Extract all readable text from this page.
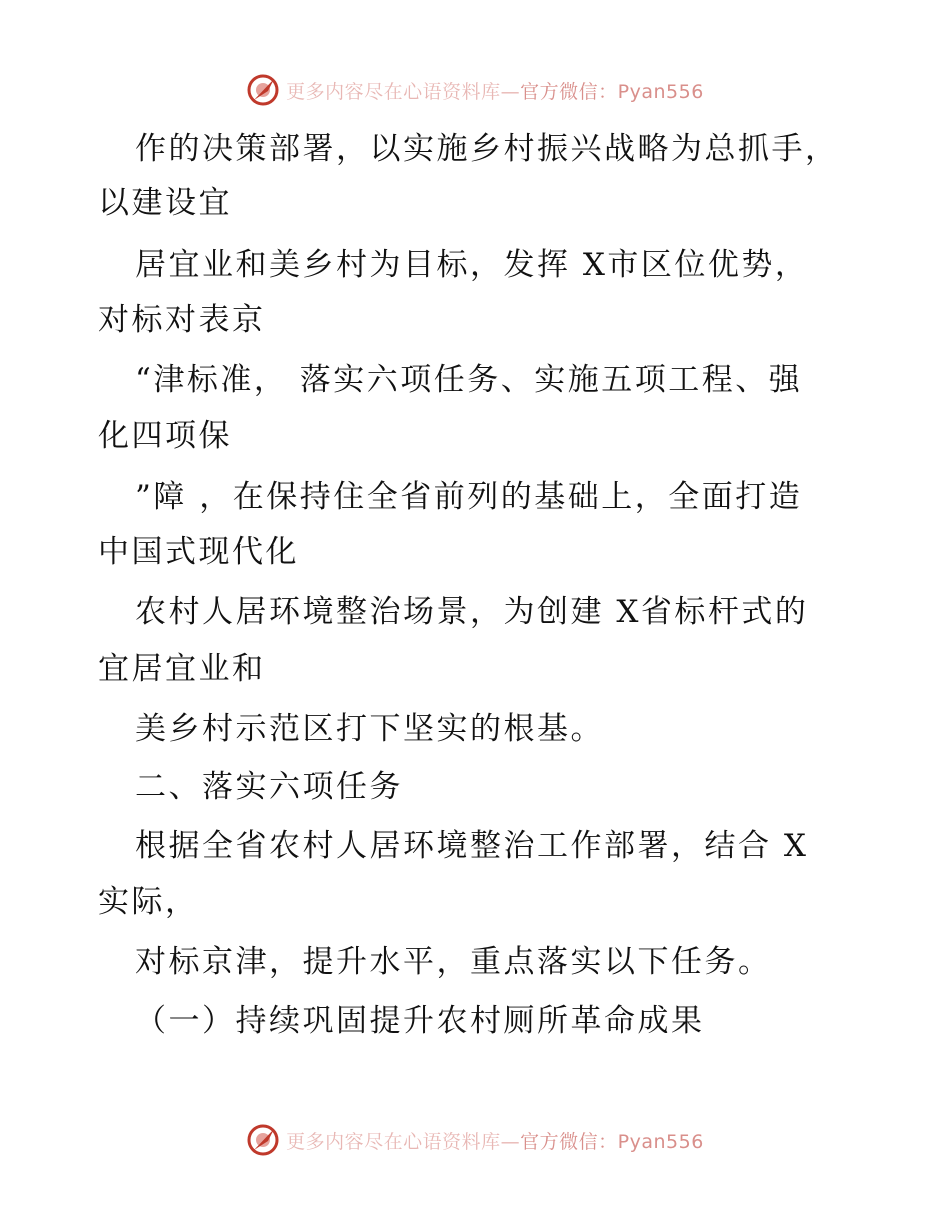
更多内容尽在心语资料库—官方微信：Pyan556
作的决策部署，以实施乡村振兴战略为总抓手，
以建设宜
居宜业和美乡村为目标，发挥 X市区位优势，
对标对表京
“津标准， 落实六项任务、实施五项工程、强
化四项保
”障 ，在保持住全省前列的基础上，全面打造
中国式现代化
农村人居环境整治场景，为创建 X省标杆式的
宜居宜业和
美乡村示范区打下坚实的根基。
二、落实六项任务
根据全省农村人居环境整治工作部署，结合 X
实际，
对标京津，提升水平，重点落实以下任务。
（一）持续巩固提升农村厕所革命成果
更多内容尽在心语资料库—官方微信：Pyan556
